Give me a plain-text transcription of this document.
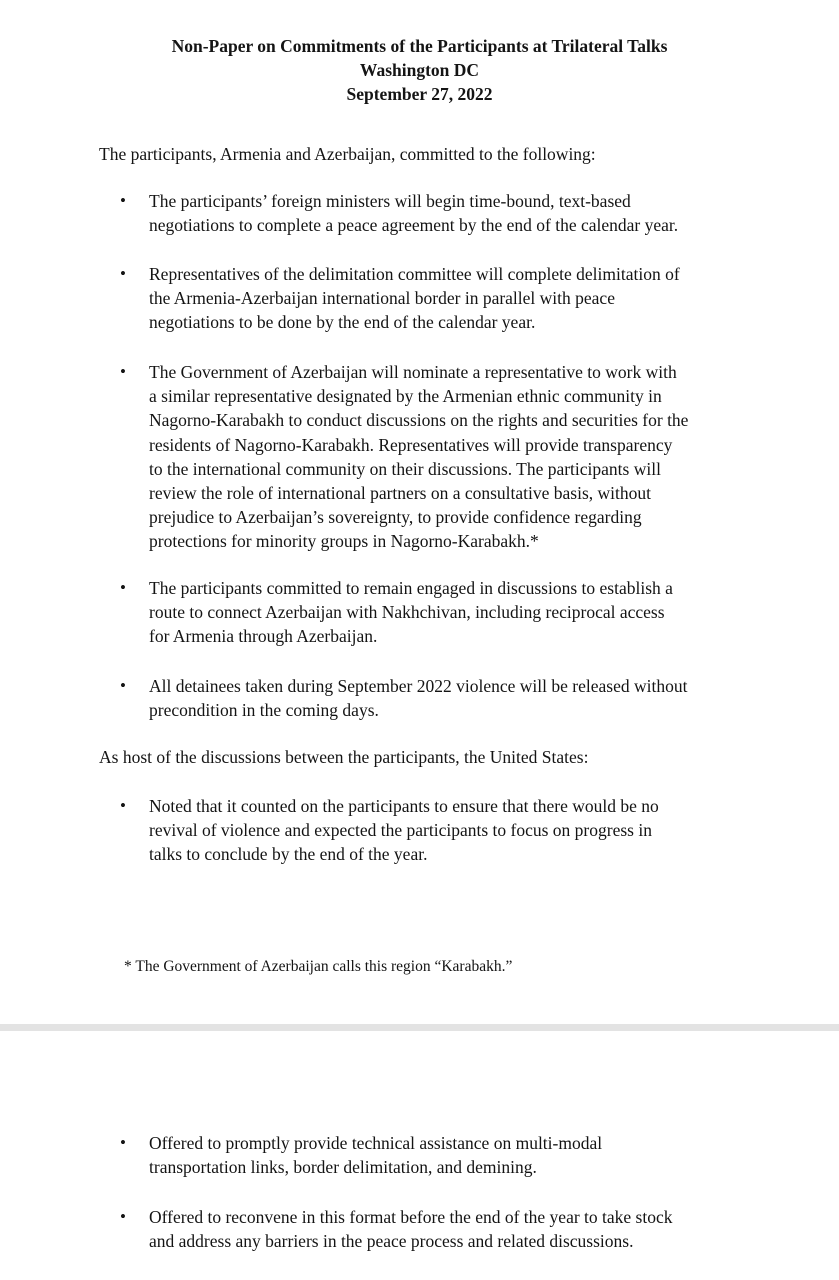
Non-Paper on Commitments of the Participants at Trilateral Talks
Washington DC
September 27, 2022
The participants, Armenia and Azerbaijan, committed to the following:
•	The participants’ foreign ministers will begin time-bound, text-based
negotiations to complete a peace agreement by the end of the calendar year.
•	Representatives of the delimitation committee will complete delimitation of
the Armenia-Azerbaijan international border in parallel with peace
negotiations to be done by the end of the calendar year.
•	The Government of Azerbaijan will nominate a representative to work with
a similar representative designated by the Armenian ethnic community in
Nagorno-Karabakh to conduct discussions on the rights and securities for the
residents of Nagorno-Karabakh. Representatives will provide transparency
to the international community on their discussions. The participants will
review the role of international partners on a consultative basis, without
prejudice to Azerbaijan’s sovereignty, to provide confidence regarding
protections for minority groups in Nagorno-Karabakh.*
•	The participants committed to remain engaged in discussions to establish a
route to connect Azerbaijan with Nakhchivan, including reciprocal access
for Armenia through Azerbaijan.
•	All detainees taken during September 2022 violence will be released without
precondition in the coming days.
As host of the discussions between the participants, the United States:
•	Noted that it counted on the participants to ensure that there would be no
revival of violence and expected the participants to focus on progress in
talks to conclude by the end of the year.
* The Government of Azerbaijan calls this region “Karabakh.”
•	Offered to promptly provide technical assistance on multi-modal
transportation links, border delimitation, and demining.
•	Offered to reconvene in this format before the end of the year to take stock
and address any barriers in the peace process and related discussions.
